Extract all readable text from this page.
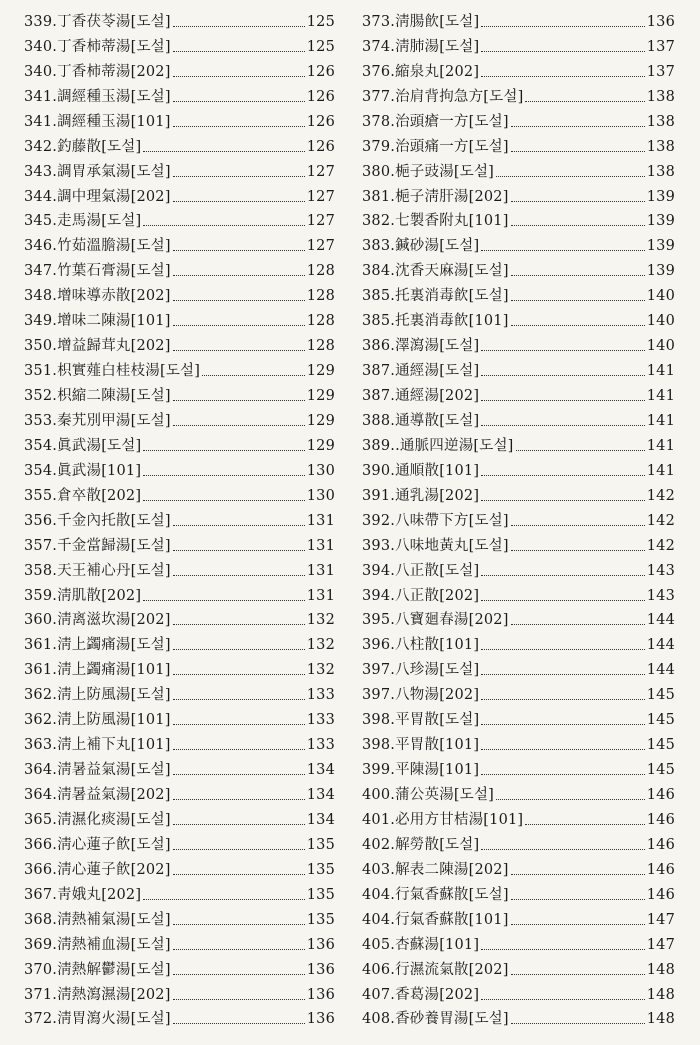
339. 丁香茯苓湯[도설]	125
340. 丁香柿蒂湯[도설]	125
340. 丁香柿蒂湯[202]	126
341. 調經種玉湯[도설]	126
341. 調經種玉湯[101]	126
342. 釣藤散[도설]	126
343. 調胃承氣湯[도설]	127
344. 調中理氣湯[202]	127
345. 走馬湯[도설]	127
346. 竹茹溫膽湯[도설]	127
347. 竹葉石膏湯[도설]	128
348. 增味導赤散[202]	128
349. 增味二陳湯[101]	128
350. 增益歸茸丸[202]	128
351. 枳實薤白桂枝湯[도설]	129
352. 枳縮二陳湯[도설]	129
353. 秦艽別甲湯[도설]	129
354. 眞武湯[도설]	129
354. 眞武湯[101]	130
355. 倉卒散[202]	130
356. 千金內托散[도설]	131
357. 千金當歸湯[도설]	131
358. 天王補心丹[도설]	131
359. 淸肌散[202]	131
360. 淸离滋坎湯[202]	132
361. 淸上蠲痛湯[도설]	132
361. 淸上蠲痛湯[101]	132
362. 淸上防風湯[도설]	133
362. 淸上防風湯[101]	133
363. 淸上補下丸[101]	133
364. 淸暑益氣湯[도설]	134
364. 淸暑益氣湯[202]	134
365. 淸濕化痰湯[도설]	134
366. 淸心蓮子飮[도설]	135
366. 淸心蓮子飮[202]	135
367. 靑娥丸[202]	135
368. 淸熱補氣湯[도설]	135
369. 淸熱補血湯[도설]	136
370. 淸熱解鬱湯[도설]	136
371. 淸熱瀉濕湯[202]	136
372. 淸胃瀉火湯[도설]	136
373. 淸腸飮[도설]	136
374. 淸肺湯[도설]	137
376. 縮泉丸[202]	137
377. 治肩背拘急方[도설]	138
378. 治頭瘡一方[도설]	138
379. 治頭痛一方[도설]	138
380. 梔子豉湯[도설]	138
381. 梔子淸肝湯[202]	139
382. 七製香附丸[101]	139
383. 鍼砂湯[도설]	139
384. 沈香天麻湯[도설]	139
385. 托裏消毒飮[도설]	140
385. 托裏消毒飮[101]	140
386. 澤瀉湯[도설]	140
387. 通經湯[도설]	141
387. 通經湯[202]	141
388. 通導散[도설]	141
389. .通脈四逆湯[도설]	141
390. 通順散[101]	141
391. 通乳湯[202]	142
392. 八味帶下方[도설]	142
393. 八味地黃丸[도설]	142
394. 八正散[도설]	143
394. 八正散[202]	143
395. 八寶廻春湯[202]	144
396. 八柱散[101]	144
397. 八珍湯[도설]	144
397. 八物湯[202]	145
398. 平胃散[도설]	145
398. 平胃散[101]	145
399. 平陳湯[101]	145
400. 蒲公英湯[도설]	146
401. 必用方甘桔湯[101]	146
402. 解勞散[도설]	146
403. 解表二陳湯[202]	146
404. 行氣香蘇散[도설]	146
404. 行氣香蘇散[101]	147
405. 杏蘇湯[101]	147
406. 行濕流氣散[202]	148
407. 香葛湯[202]	148
408. 香砂養胃湯[도설]	148
